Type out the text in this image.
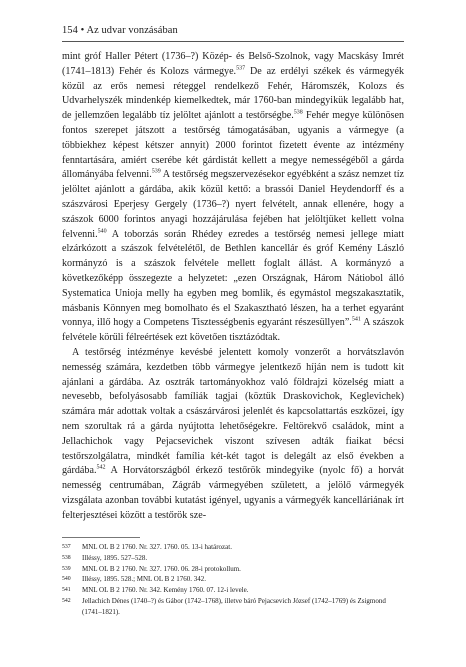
154 • Az udvar vonzásában

mint gróf Haller Pétert (1736–?) Közép- és Belső-Szolnok, vagy Macskásy Imrét (1741–1813) Fehér és Kolozs vármegye.$^{537}$ De az erdélyi székek és vármegyék közül az erős nemesi réteggel rendelkező Fehér, Háromszék, Kolozs és Udvarhelyszék mindenkép kiemelkedtek, már 1760-ban mindegyikük legalább hat, de jellemzően legalább tíz jelöltet ajánlott a testőrségbe.$^{538}$ Fehér megye különösen fontos szerepet játszott a testőrség támogatásában, ugyanis a vármegye (a többiekhez képest kétszer annyit) 2000 forintot fizetett évente az intézmény fenntartására, amiért cserébe két gárdistát kellett a megye nemességéből a gárda állományába felvenni.$^{539}$ A testőrség megszervezésekor egyébként a szász nemzet tíz jelöltet ajánlott a gárdába, akik közül kettő: a brassói Daniel Heydendorff és a szászvárosi Eperjesy Gergely (1736–?) nyert felvételt, annak ellenére, hogy a szászok 6000 forintos anyagi hozzájárulása fejében hat jelöltjüket kellett volna felvenni.$^{540}$ A toborzás során Rhédey ezredes a testőrség nemesi jellege miatt elzárkózott a szászok felvételétől, de Bethlen kancellár és gróf Kemény László kormányzó is a szászok felvétele mellett foglalt állást. A kormányzó a következőképp összegezte a helyzetet: „ezen Országnak, Három Nátiobol álló Systematica Unioja melly ha egyben meg bomlik, és egymástol megszakasztatik, másbanis Könnyen meg bomolhato és el Szakasztható lészen, ha a terhet egyaránt vonnya, illő hogy a Competens Tisztességbenis egyaránt részesüllyen”.$^{541}$ A szászok felvétele körüli félreértések ezt követően tisztázódtak.

A testőrség intézménye kevésbé jelentett komoly vonzerőt a horvátszlavón nemesség számára, kezdetben több vármegye jelentkező híján nem is tudott kit ajánlani a gárdába. Az osztrák tartományokhoz való földrajzi közelség miatt a nevesebb, befolyásosabb famíliák tagjai (köztük Draskovichok, Keglevichek) számára már adottak voltak a császárvárosi jelenlét és kapcsolattartás eszközei, így nem szorultak rá a gárda nyújtotta lehetőségekre. Feltörekvő családok, mint a Jellachichok vagy Pejacsevichek viszont szívesen adták fiaikat bécsi testőrszolgálatra, mindkét família két-két tagot is delegált az első években a gárdába.$^{542}$ A Horvátországból érkező testőrök mindegyike (nyolc fő) a horvát nemesség centrumában, Zágráb vármegyében született, a jelölő vármegyék vizsgálata azonban további kutatást igényel, ugyanis a vármegyék kancelláriának írt felterjesztései között a testőrök sze-

537 MNL OL B 2 1760. Nr. 327. 1760. 05. 13-i határozat.
538 Illéssy, 1895. 527–528.
539 MNL OL B 2 1760. Nr. 327. 1760. 06. 28-i protokollum.
540 Illéssy, 1895. 528.; MNL OL B 2 1760. 342.
541 MNL OL B 2 1760. Nr. 342. Kemény 1760. 07. 12-i levele.
542 Jellachich Dénes (1740–?) és Gábor (1742–1768), illetve báró Pejacsevich József (1742–1769) és Zsigmond (1741–1821).
